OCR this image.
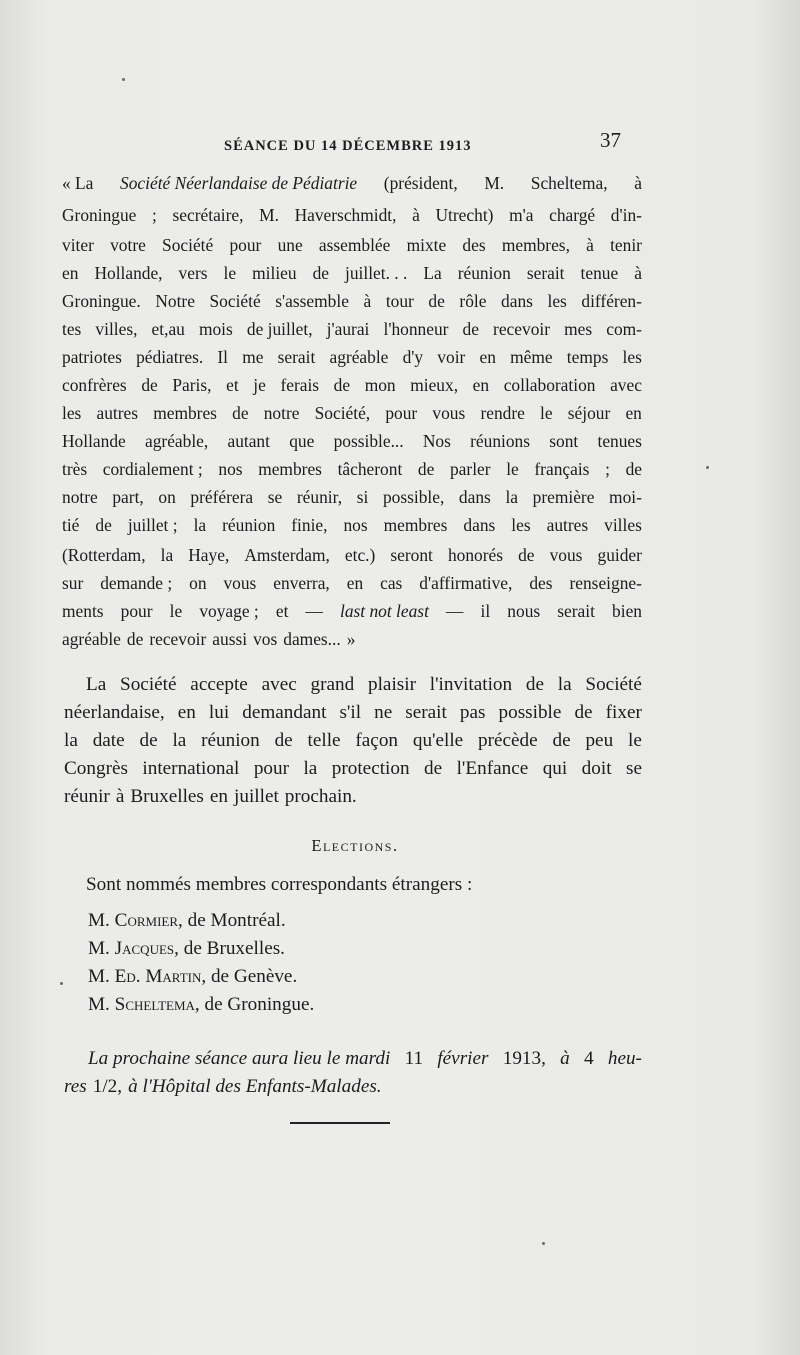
SÉANCE DU 14 DÉCEMBRE 1913	37
« La Société Néerlandaise de Pédiatrie (président, M. Scheltema, à
Groningue ; secrétaire, M. Haverschmidt, à Utrecht) m'a chargé d'in-
viter votre Société pour une assemblée mixte des membres, à tenir
en Hollande, vers le milieu de juillet. . . La réunion serait tenue à
Groningue. Notre Société s'assemble à tour de rôle dans les différen-
tes villes, et,au mois de juillet, j'aurai l'honneur de recevoir mes com-
patriotes pédiatres. Il me serait agréable d'y voir en même temps les
confrères de Paris, et je ferais de mon mieux, en collaboration avec
les autres membres de notre Société, pour vous rendre le séjour en
Hollande agréable, autant que possible... Nos réunions sont tenues
très cordialement ; nos membres tâcheront de parler le français ; de
notre part, on préférera se réunir, si possible, dans la première moi-
tié de juillet ; la réunion finie, nos membres dans les autres villes
(Rotterdam, la Haye, Amsterdam, etc.) seront honorés de vous guider
sur demande ; on vous enverra, en cas d'affirmative, des renseigne-
ments pour le voyage ; et — last not least — il nous serait bien
agréable de recevoir aussi vos dames... »
La Société accepte avec grand plaisir l'invitation de la Société
néerlandaise, en lui demandant s'il ne serait pas possible de fixer
la date de la réunion de telle façon qu'elle précède de peu le
Congrès international pour la protection de l'Enfance qui doit se
réunir à Bruxelles en juillet prochain.
Elections.
Sont nommés membres correspondants étrangers :
M. Cormier, de Montréal.
M. Jacques, de Bruxelles.
M. Ed. Martin, de Genève.
M. Scheltema, de Groningue.
La prochaine séance aura lieu le mardi 11 février 1913, à 4 heu-
res 1/2, à l'Hôpital des Enfants-Malades.
